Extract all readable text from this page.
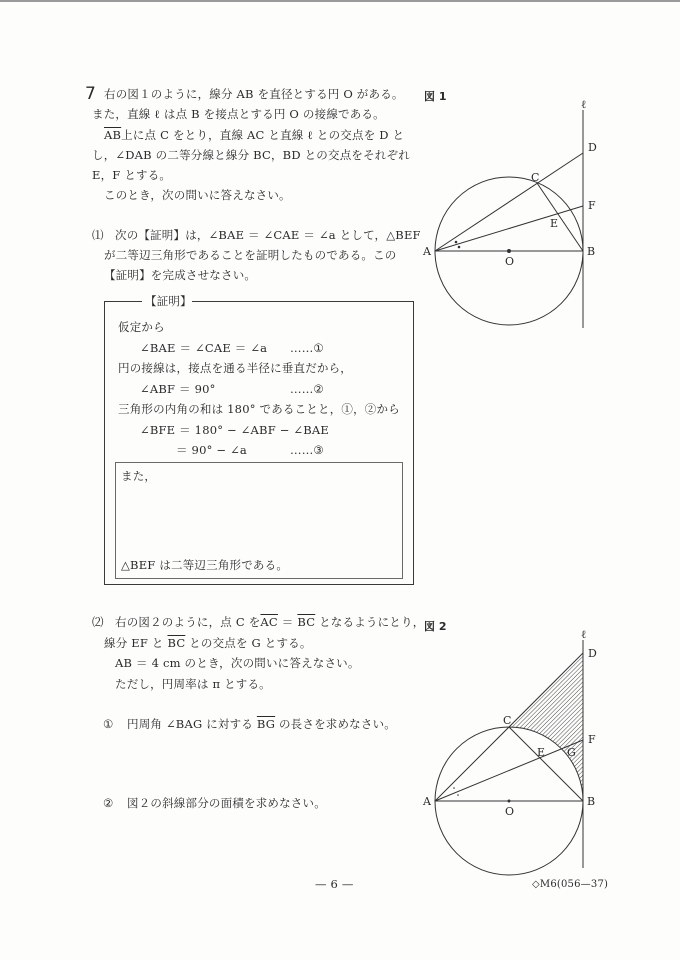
7 右の図１のように，線分 AB を直径とする円 O がある。
また，直線 ℓ は点 B を接点とする円 O の接線である。
$\overline{AB}$上に点 C をとり，直線 AC と直線 ℓ との交点を D と
し，∠DAB の二等分線と線分 BC，BD との交点をそれぞれ
E，F とする。
このとき，次の問いに答えなさい。
⑴ 次の【証明】は，∠BAE ＝ ∠CAE ＝ ∠a として，△BEF
が二等辺三角形であることを証明したものである。この
【証明】を完成させなさい。
【証明】
仮定から
∠BAE ＝ ∠CAE ＝ ∠a ……①
円の接線は，接点を通る半径に垂直だから，
∠ABF ＝ 90°	……②
三角形の内角の和は 180° であることと，①，②から
∠BFE ＝ 180° − ∠ABF − ∠BAE
＝ 90° − ∠a	……③
また，
△BEF は二等辺三角形である。
⑵ 右の図２のように，点 C を$\overline{AC} = \overline{BC}$ となるようにとり，
線分 EF と $\overline{BC}$ との交点を G とする。
AB ＝ 4 cm のとき，次の問いに答えなさい。
ただし，円周率は π とする。
① 円周角 ∠BAG に対する $\overline{BG}$ の長さを求めなさい。
② 図２の斜線部分の面積を求めなさい。
図 1
図 2
ℓ
D
C
F
E
A	B
O
ℓ
D
C
F
E G
A	B
O
— 6 —	◇M6(056—37)
